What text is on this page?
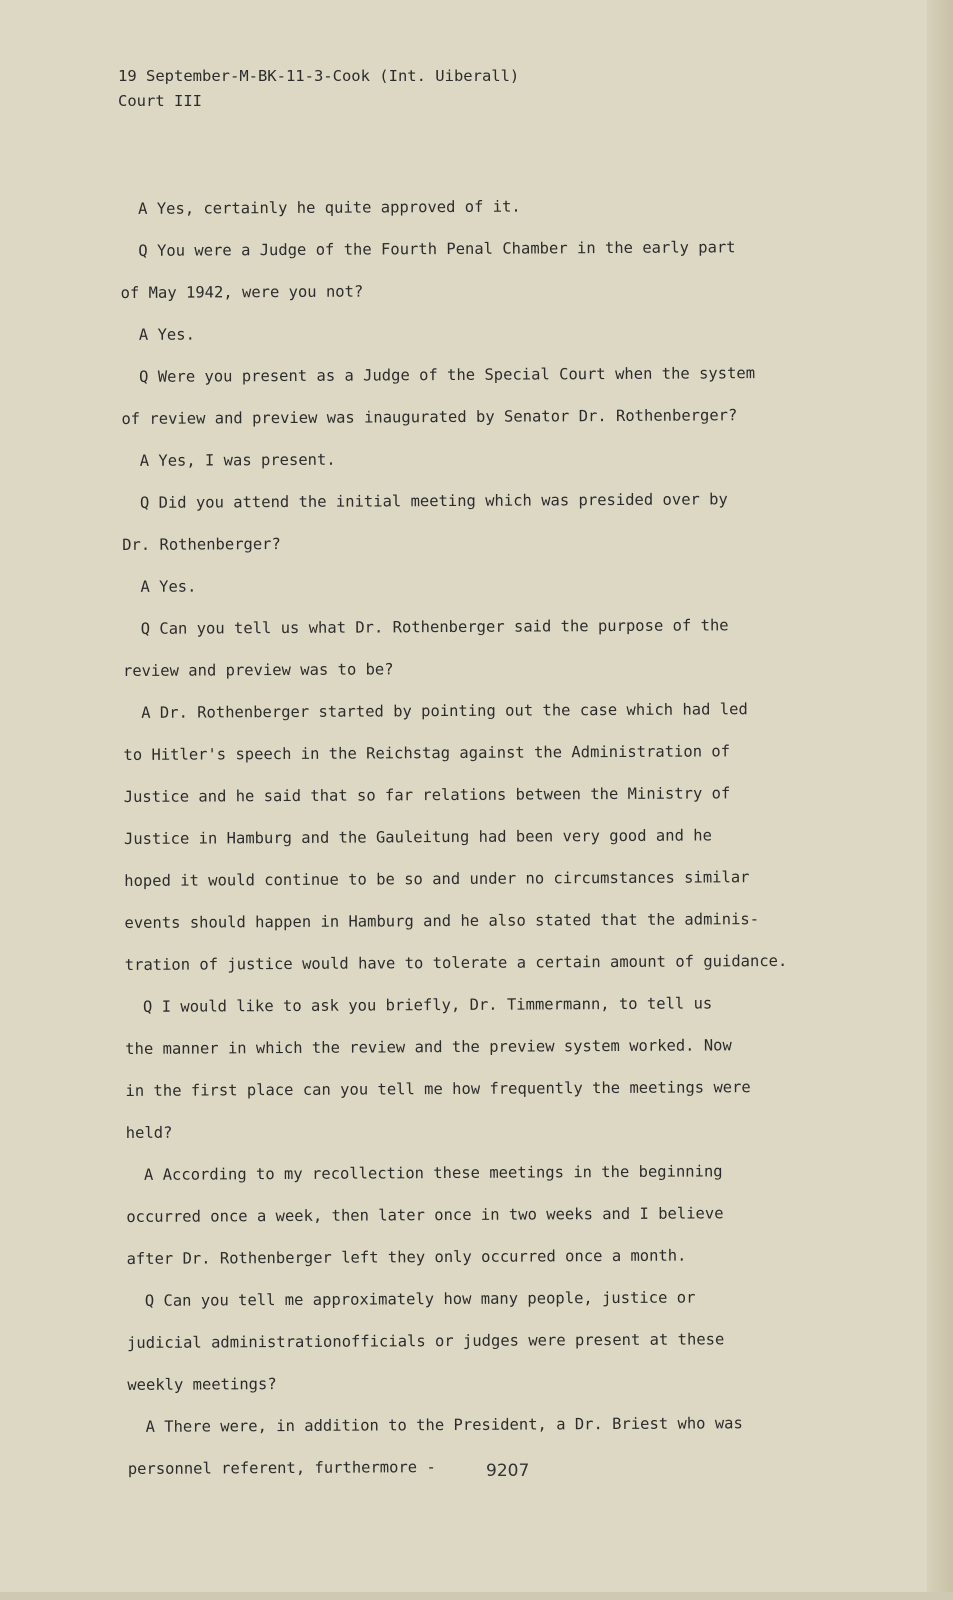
19 September-M-BK-11-3-Cook (Int. Uiberall)
Court III
A Yes, certainly he quite approved of it.
Q You were a Judge of the Fourth Penal Chamber in the early part
of May 1942, were you not?
A Yes.
Q Were you present as a Judge of the Special Court when the system
of review and preview was inaugurated by Senator Dr. Rothenberger?
A Yes, I was present.
Q Did you attend the initial meeting which was presided over by
Dr. Rothenberger?
A Yes.
Q Can you tell us what Dr. Rothenberger said the purpose of the
review and preview was to be?
A Dr. Rothenberger started by pointing out the case which had led
to Hitler's speech in the Reichstag against the Administration of
Justice and he said that so far relations between the Ministry of
Justice in Hamburg and the Gauleitung had been very good and he
hoped it would continue to be so and under no circumstances similar
events should happen in Hamburg and he also stated that the adminis-
tration of justice would have to tolerate a certain amount of guidance.
Q I would like to ask you briefly, Dr. Timmermann, to tell us
the manner in which the review and the preview system worked. Now
in the first place can you tell me how frequently the meetings were
held?
A According to my recollection these meetings in the beginning
occurred once a week, then later once in two weeks and I believe
after Dr. Rothenberger left they only occurred once a month.
Q Can you tell me approximately how many people, justice or
judicial administrationofficials or judges were present at these
weekly meetings?
A There were, in addition to the President, a Dr. Briest who was
personnel referent, furthermore -	9207
